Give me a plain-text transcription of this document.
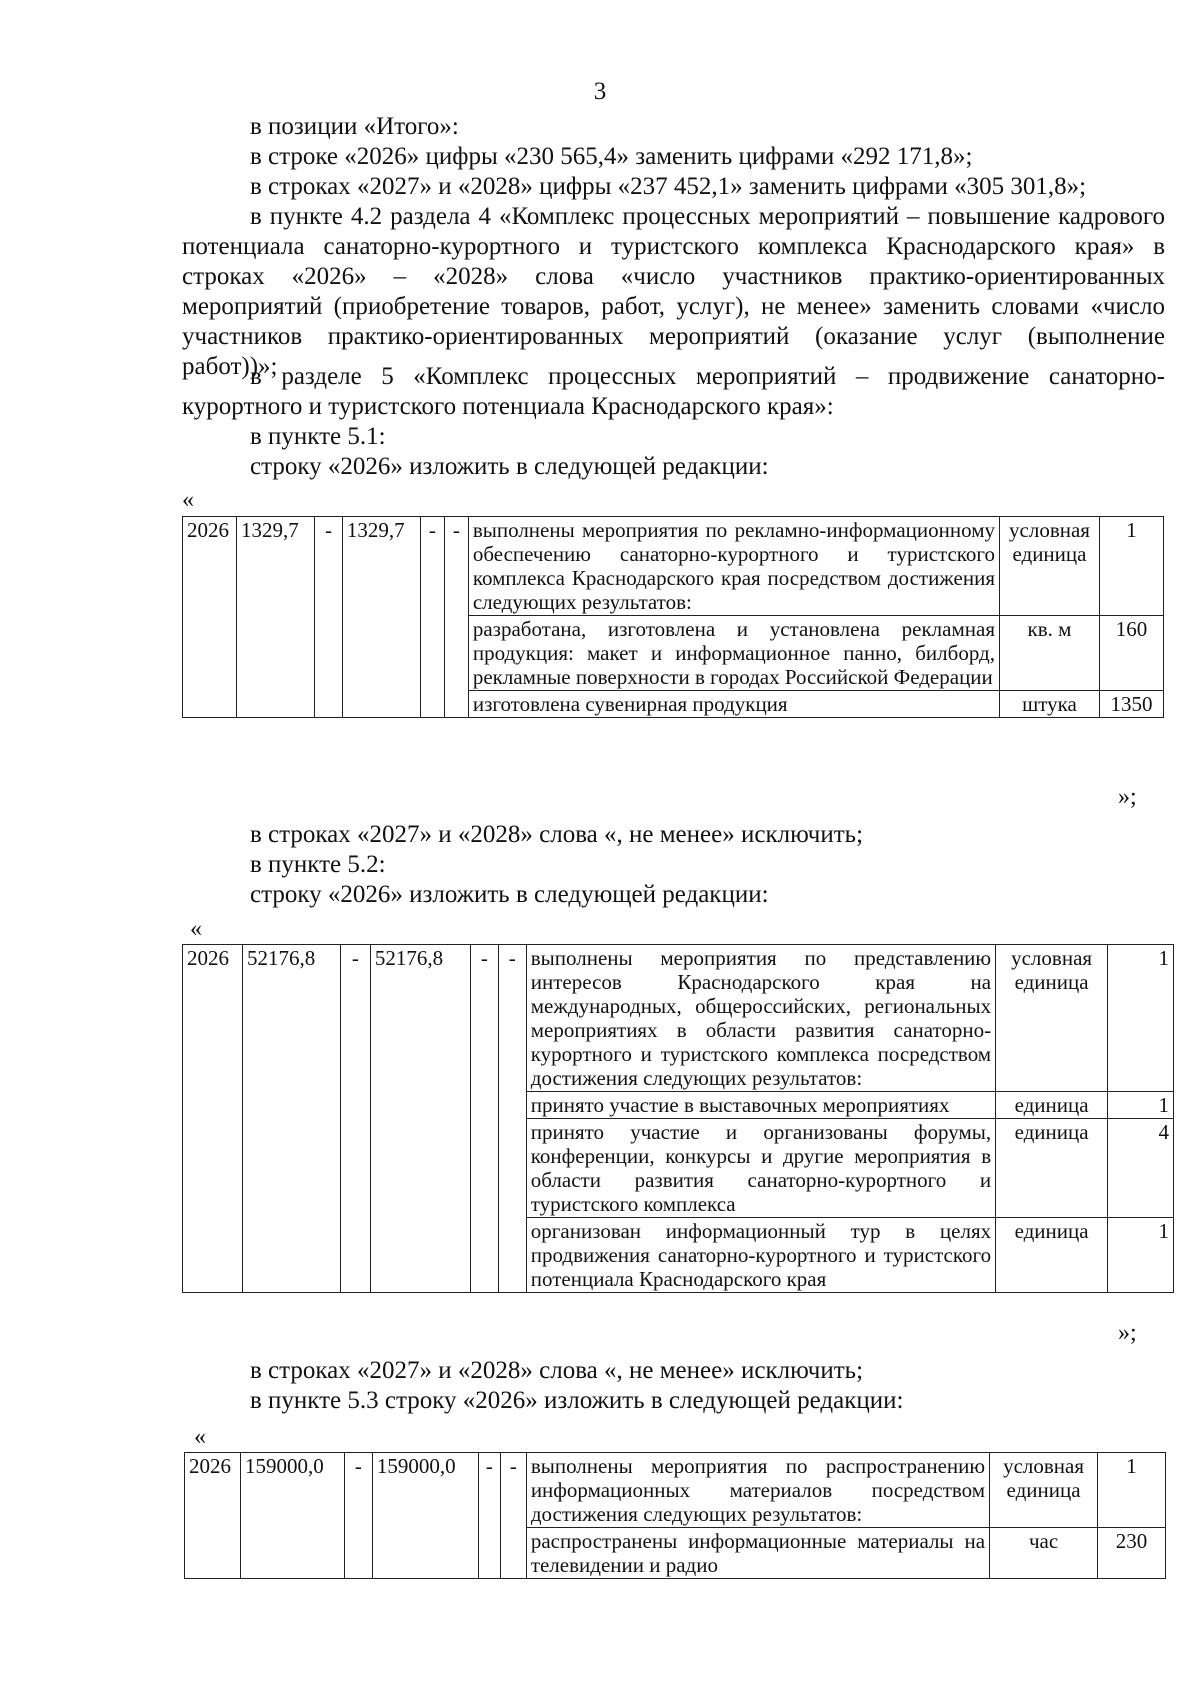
3
в позиции «Итого»:
в строке «2026» цифры «230 565,4» заменить цифрами «292 171,8»;
в строках «2027» и «2028» цифры «237 452,1» заменить цифрами «305 301,8»;
в пункте 4.2 раздела 4 «Комплекс процессных мероприятий – повышение кадрового потенциала санаторно-курортного и туристского комплекса Краснодарского края» в строках «2026» – «2028» слова «число участников практико-ориентированных мероприятий (приобретение товаров, работ, услуг), не менее» заменить словами «число участников практико-ориентированных мероприятий (оказание услуг (выполнение работ))»;
в разделе 5 «Комплекс процессных мероприятий – продвижение санаторно-курортного и туристского потенциала Краснодарского края»:
в пункте 5.1:
строку «2026» изложить в следующей редакции:
«
2026	1329,7	-	1329,7	-	-	выполнены мероприятия по рекламно-информационному обеспечению санаторно-курортного и туристского комплекса Краснодарского края посредством достижения следующих результатов:	условная единица	1
						разработана, изготовлена и установлена рекламная продукция: макет и информационное панно, билборд, рекламные поверхности в городах Российской Федерации	кв. м	160
						изготовлена сувенирная продукция	штука	1350
»;
в строках «2027» и «2028» слова «, не менее» исключить;
в пункте 5.2:
строку «2026» изложить в следующей редакции:
«
2026	52176,8	-	52176,8	-	-	выполнены мероприятия по представлению интересов Краснодарского края на международных, общероссийских, региональных мероприятиях в области развития санаторно-курортного и туристского комплекса посредством достижения следующих результатов:	условная единица	1
						принято участие в выставочных мероприятиях	единица	1
						принято участие и организованы форумы, конференции, конкурсы и другие мероприятия в области развития санаторно-курортного и туристского комплекса	единица	4
						организован информационный тур в целях продвижения санаторно-курортного и туристского потенциала Краснодарского края	единица	1
»;
в строках «2027» и «2028» слова «, не менее» исключить;
в пункте 5.3 строку «2026» изложить в следующей редакции:
«
2026	159000,0	-	159000,0	-	-	выполнены мероприятия по распространению информационных материалов посредством достижения следующих результатов:	условная единица	1
						распространены информационные материалы на телевидении и радио	час	230
